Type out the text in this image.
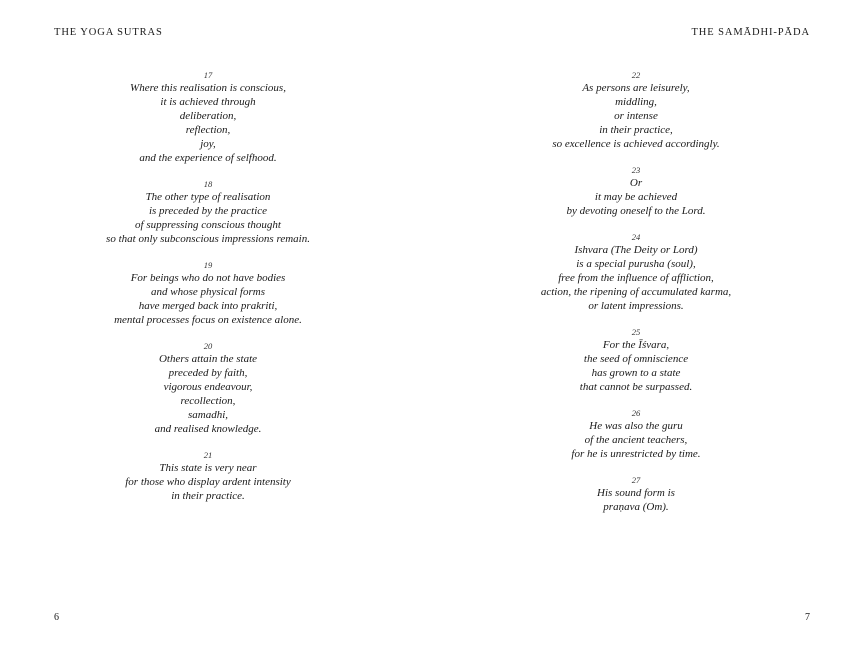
THE YOGA SUTRAS
17
Where this realisation is conscious,
it is achieved through
deliberation,
reflection,
joy,
and the experience of selfhood.
18
The other type of realisation
is preceded by the practice
of suppressing conscious thought
so that only subconscious impressions remain.
19
For beings who do not have bodies
and whose physical forms
have merged back into prakriti,
mental processes focus on existence alone.
20
Others attain the state
preceded by faith,
vigorous endeavour,
recollection,
samadhi,
and realised knowledge.
21
This state is very near
for those who display ardent intensity
in their practice.
6
THE SAMĀDHI-PĀDA
22
As persons are leisurely,
middling,
or intense
in their practice,
so excellence is achieved accordingly.
23
Or
it may be achieved
by devoting oneself to the Lord.
24
Ishvara (The Deity or Lord)
is a special purusha (soul),
free from the influence of affliction,
action, the ripening of accumulated karma,
or latent impressions.
25
For the Īśvara,
the seed of omniscience
has grown to a state
that cannot be surpassed.
26
He was also the guru
of the ancient teachers,
for he is unrestricted by time.
27
His sound form is
praṇava (Om).
7
